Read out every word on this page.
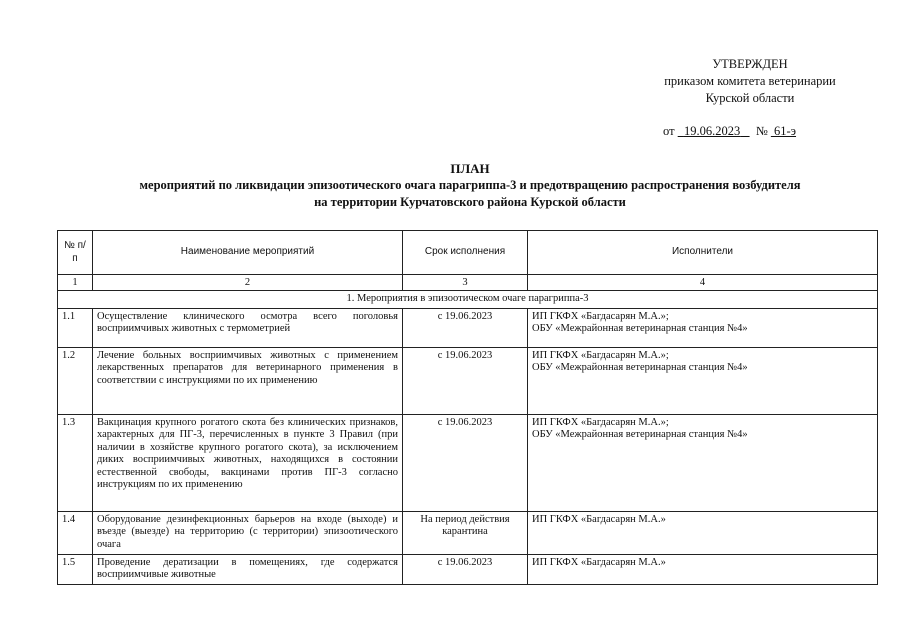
УТВЕРЖДЕН
приказом комитета ветеринарии
Курской области
от 19.06.2023 № 61-э
ПЛАН
мероприятий по ликвидации эпизоотического очага парагриппа-3 и предотвращению распространения возбудителя
на территории Курчатовского района Курской области
№ п/п	Наименование мероприятий	Срок исполнения	Исполнители
1	2	3	4
1. Мероприятия в эпизоотическом очаге парагриппа-3			
1.1	Осуществление клинического осмотра всего поголовья восприимчивых животных с термометрией	с 19.06.2023	ИП ГКФХ «Багдасарян М.А.»;
ОБУ «Межрайонная ветеринарная станция №4»

1.2	Лечение больных восприимчивых животных с применением лекарственных препаратов для ветеринарного применения в соответствии с инструкциями по их применению	с 19.06.2023	ИП ГКФХ «Багдасарян М.А.»;
ОБУ «Межрайонная ветеринарная станция №4»

1.3	Вакцинация крупного рогатого скота без клинических признаков, характерных для ПГ-3, перечисленных в пункте 3 Правил (при наличии в хозяйстве крупного рогатого скота), за исключением диких восприимчивых животных, находящихся в состоянии естественной свободы, вакцинами против ПГ-3 согласно инструкциям по их применению	с 19.06.2023	ИП ГКФХ «Багдасарян М.А.»;
ОБУ «Межрайонная ветеринарная станция №4»

1.4	Оборудование дезинфекционных барьеров на входе (выходе) и въезде (выезде) на территорию (с территории) эпизоотического очага	На период действия карантина	ИП ГКФХ «Багдасарян М.А.»

1.5	Проведение дератизации в помещениях, где содержатся восприимчивые животные	с 19.06.2023	ИП ГКФХ «Багдасарян М.А.»
